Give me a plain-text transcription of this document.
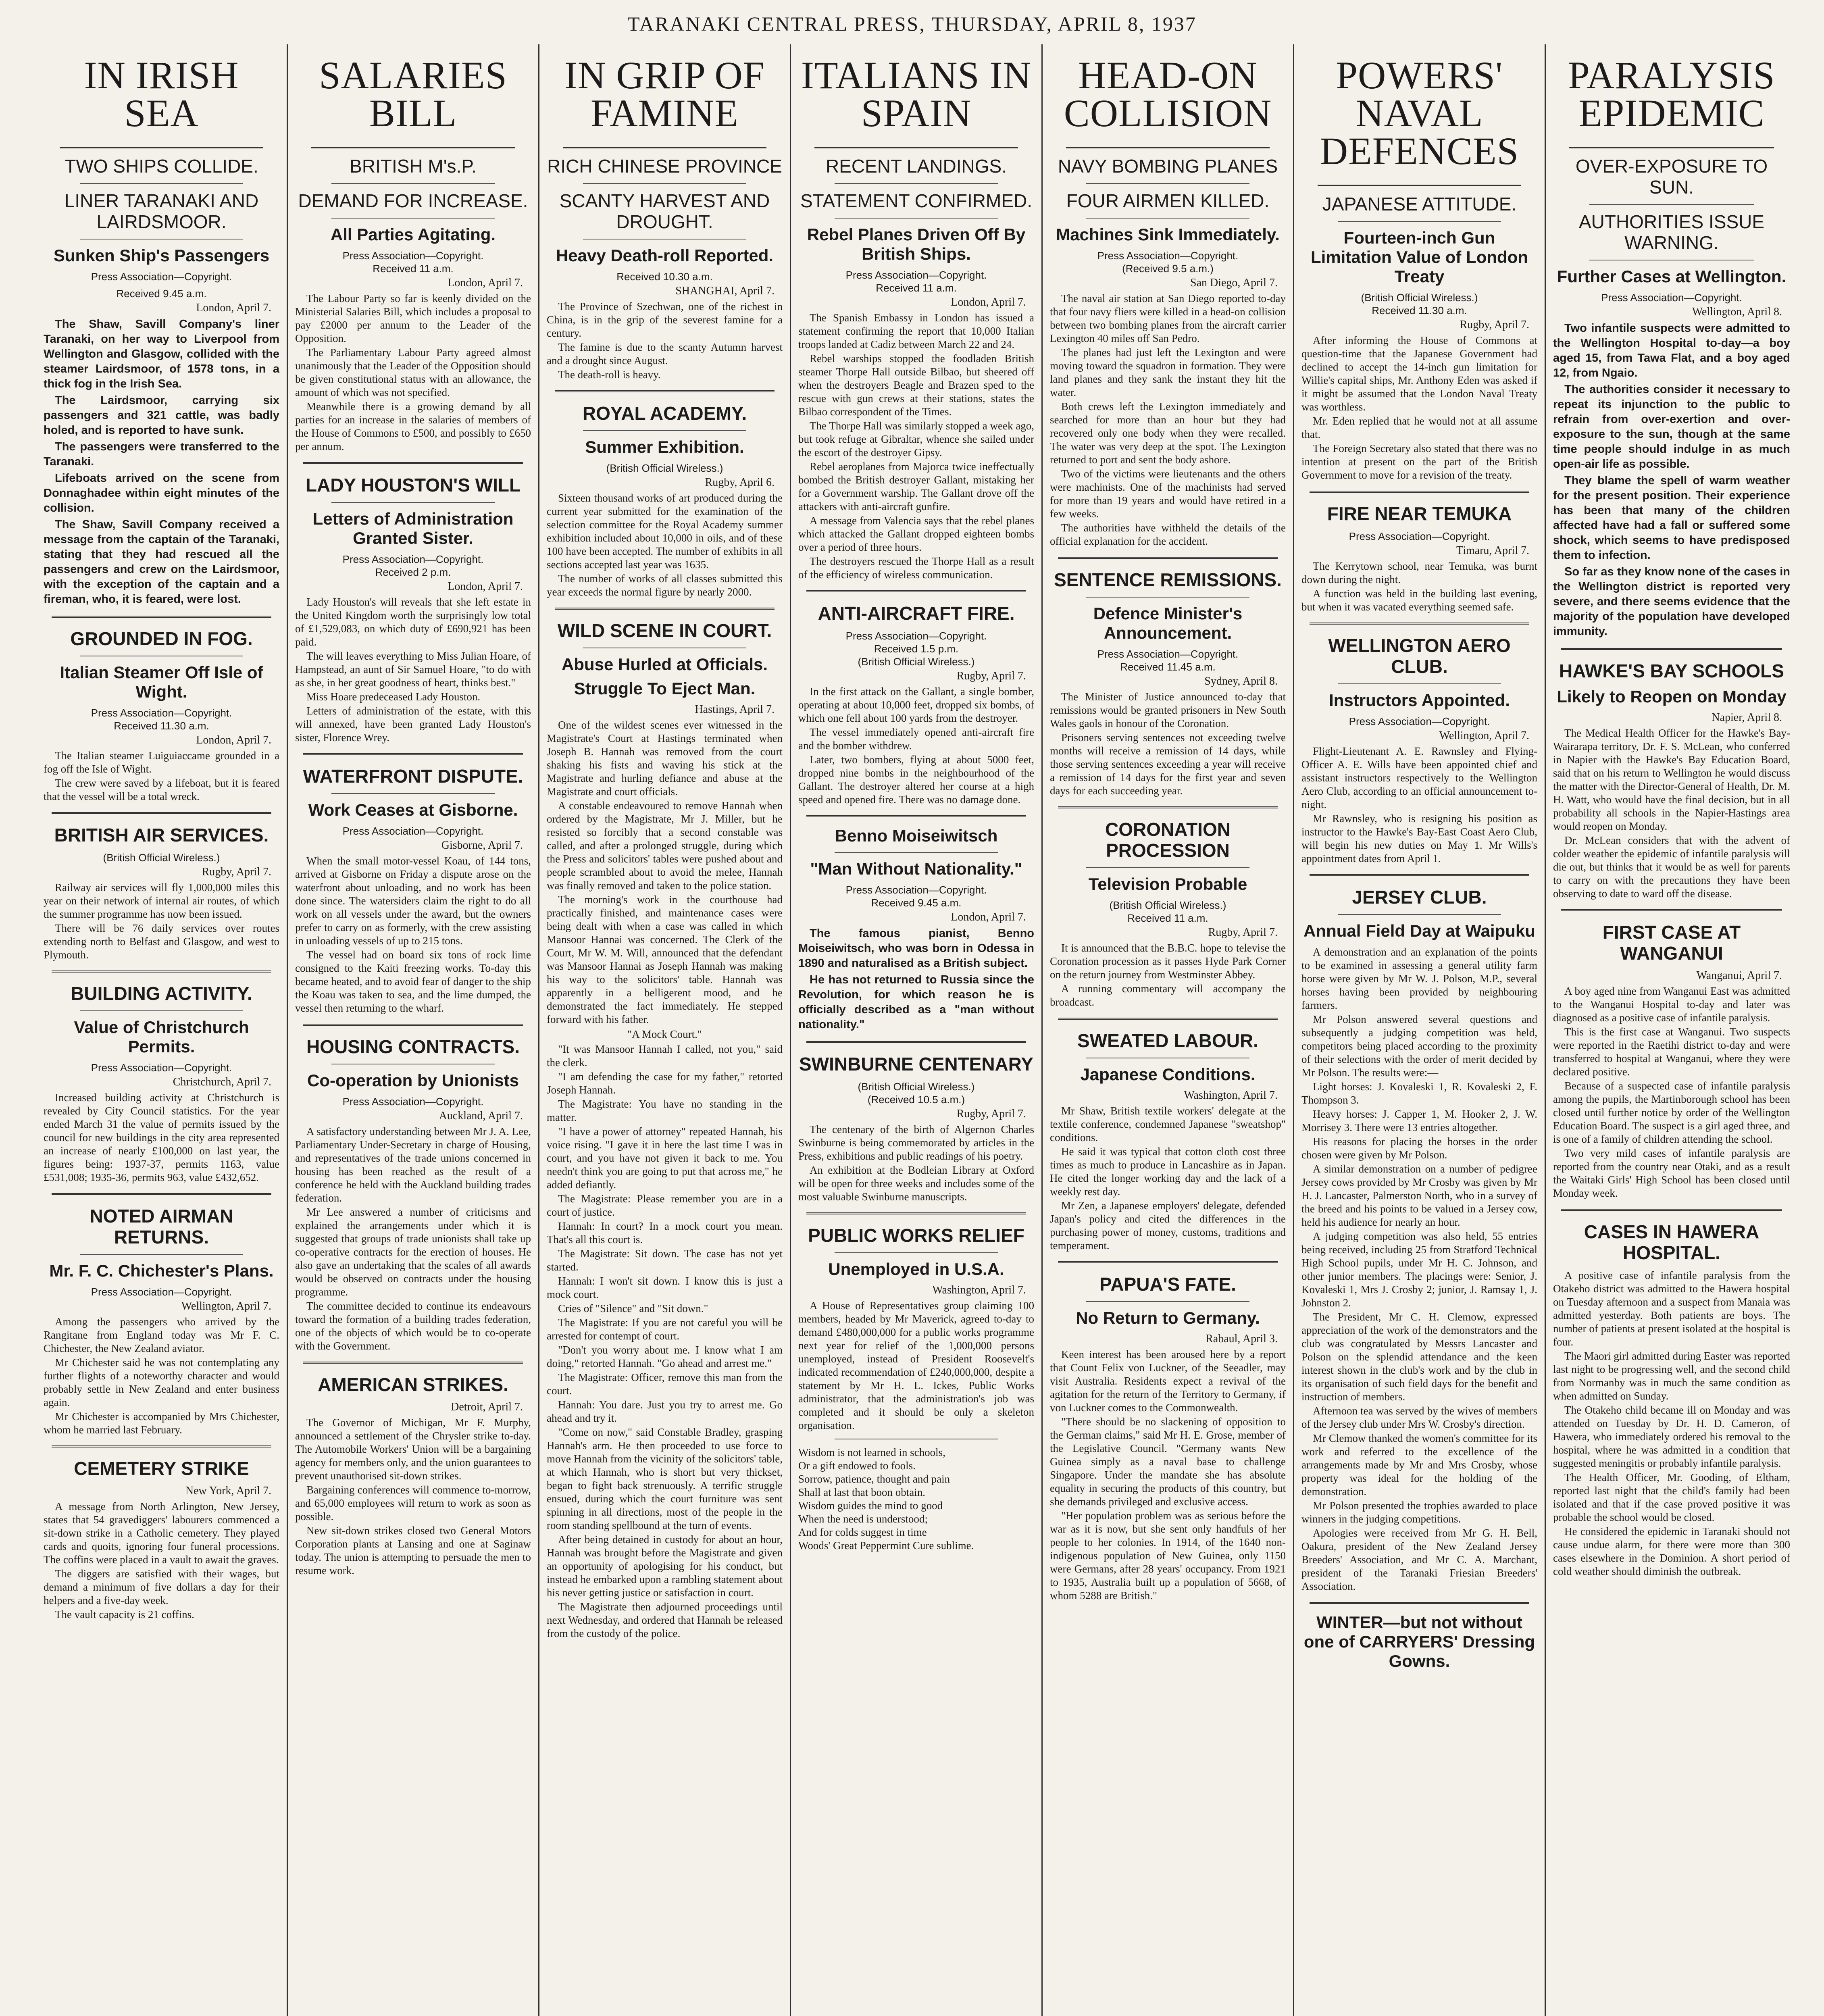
TARANAKI CENTRAL PRESS, THURSDAY, APRIL 8, 1937
IN IRISH
SEA
TWO SHIPS COLLIDE.
LINER TARANAKI AND LAIRDSMOOR.
Sunken Ship's Passengers
Press Association—Copyright.
Received 9.45 a.m.
London, April 7.

The Shaw, Savill Company's liner Taranaki, on her way to Liverpool from Wellington and Glasgow, collided with the steamer Lairdsmoor, of 1578 tons, in a thick fog in the Irish Sea.

The Lairdsmoor, carrying six passengers and 321 cattle, was badly holed, and is reported to have sunk.

The passengers were transferred to the Taranaki.

Lifeboats arrived on the scene from Donnaghadee within eight minutes of the collision.

The Shaw, Savill Company received a message from the captain of the Taranaki, stating that they had rescued all the passengers and crew on the Lairdsmoor, with the exception of the captain and a fireman, who, it is feared, were lost.

GROUNDED IN FOG.
Italian Steamer Off Isle of Wight.
Press Association—Copyright.
Received 11.30 a.m.
London, April 7.

The Italian steamer Luiguiaccame grounded in a fog off the Isle of Wight.

The crew were saved by a lifeboat, but it is feared that the vessel will be a total wreck.

BRITISH AIR SERVICES.
(British Official Wireless.)
Rugby, April 7.

Railway air services will fly 1,000,000 miles this year on their network of internal air routes, of which the summer programme has now been issued.

There will be 76 daily services over routes extending north to Belfast and Glasgow, and west to Plymouth.

BUILDING ACTIVITY.
Value of Christchurch Permits.
Press Association—Copyright.
Christchurch, April 7.

Increased building activity at Christchurch is revealed by City Council statistics. For the year ended March 31 the value of permits issued by the council for new buildings in the city area represented an increase of nearly £100,000 on last year, the figures being: 1937-37, permits 1163, value £531,008; 1935-36, permits 963, value £432,652.

NOTED AIRMAN RETURNS.
Mr. F. C. Chichester's Plans.
Press Association—Copyright.
Wellington, April 7.

Among the passengers who arrived by the Rangitane from England today was Mr F. C. Chichester, the New Zealand aviator.

Mr Chichester said he was not contemplating any further flights of a noteworthy character and would probably settle in New Zealand and enter business again.

Mr Chichester is accompanied by Mrs Chichester, whom he married last February.

CEMETERY STRIKE
New York, April 7.

A message from North Arlington, New Jersey, states that 54 gravediggers' labourers commenced a sit-down strike in a Catholic cemetery. They played cards and quoits, ignoring four funeral processions. The coffins were placed in a vault to await the graves.

The diggers are satisfied with their wages, but demand a minimum of five dollars a day for their helpers and a five-day week.

The vault capacity is 21 coffins.

SALARIES
BILL
BRITISH M's.P.
DEMAND FOR INCREASE.
All Parties Agitating.
Press Association—Copyright.
Received 11 a.m.
London, April 7.

The Labour Party so far is keenly divided on the Ministerial Salaries Bill, which includes a proposal to pay £2000 per annum to the Leader of the Opposition.

The Parliamentary Labour Party agreed almost unanimously that the Leader of the Opposition should be given constitutional status with an allowance, the amount of which was not specified.

Meanwhile there is a growing demand by all parties for an increase in the salaries of members of the House of Commons to £500, and possibly to £650 per annum.

LADY HOUSTON'S WILL
Letters of Administration Granted Sister.
Press Association—Copyright.
Received 2 p.m.
London, April 7.

Lady Houston's will reveals that she left estate in the United Kingdom worth the surprisingly low total of £1,529,083, on which duty of £690,921 has been paid.

The will leaves everything to Miss Julian Hoare, of Hampstead, an aunt of Sir Samuel Hoare, "to do with as she, in her great goodness of heart, thinks best."

Miss Hoare predeceased Lady Houston.

Letters of administration of the estate, with this will annexed, have been granted Lady Houston's sister, Florence Wrey.

WATERFRONT DISPUTE.
Work Ceases at Gisborne.
Press Association—Copyright.
Gisborne, April 7.

When the small motor-vessel Koau, of 144 tons, arrived at Gisborne on Friday a dispute arose on the waterfront about unloading, and no work has been done since. The watersiders claim the right to do all work on all vessels under the award, but the owners prefer to carry on as formerly, with the crew assisting in unloading vessels of up to 215 tons.

The vessel had on board six tons of rock lime consigned to the Kaiti freezing works. To-day this became heated, and to avoid fear of danger to the ship the Koau was taken to sea, and the lime dumped, the vessel then returning to the wharf.

HOUSING CONTRACTS.
Co-operation by Unionists
Press Association—Copyright.
Auckland, April 7.

A satisfactory understanding between Mr J. A. Lee, Parliamentary Under-Secretary in charge of Housing, and representatives of the trade unions concerned in housing has been reached as the result of a conference he held with the Auckland building trades federation.

Mr Lee answered a number of criticisms and explained the arrangements under which it is suggested that groups of trade unionists shall take up co-operative contracts for the erection of houses. He also gave an undertaking that the scales of all awards would be observed on contracts under the housing programme.

The committee decided to continue its endeavours toward the formation of a building trades federation, one of the objects of which would be to co-operate with the Government.

AMERICAN STRIKES.
Detroit, April 7.

The Governor of Michigan, Mr F. Murphy, announced a settlement of the Chrysler strike to-day. The Automobile Workers' Union will be a bargaining agency for members only, and the union guarantees to prevent unauthorised sit-down strikes.

Bargaining conferences will commence to-morrow, and 65,000 employees will return to work as soon as possible.

New sit-down strikes closed two General Motors Corporation plants at Lansing and one at Saginaw today. The union is attempting to persuade the men to resume work.

IN GRIP OF
FAMINE
RICH CHINESE PROVINCE
SCANTY HARVEST AND DROUGHT.
Heavy Death-roll Reported.
Received 10.30 a.m.
SHANGHAI, April 7.

The Province of Szechwan, one of the richest in China, is in the grip of the severest famine for a century.

The famine is due to the scanty Autumn harvest and a drought since August.

The death-roll is heavy.

ROYAL ACADEMY.
Summer Exhibition.
(British Official Wireless.)
Rugby, April 6.

Sixteen thousand works of art produced during the current year submitted for the examination of the selection committee for the Royal Academy summer exhibition included about 10,000 in oils, and of these 100 have been accepted. The number of exhibits in all sections accepted last year was 1635.

The number of works of all classes submitted this year exceeds the normal figure by nearly 2000.

WILD SCENE IN COURT.
Abuse Hurled at Officials.
Struggle To Eject Man.
Hastings, April 7.

One of the wildest scenes ever witnessed in the Magistrate's Court at Hastings terminated when Joseph B. Hannah was removed from the court shaking his fists and waving his stick at the Magistrate and hurling defiance and abuse at the Magistrate and court officials.

A constable endeavoured to remove Hannah when ordered by the Magistrate, Mr J. Miller, but he resisted so forcibly that a second constable was called, and after a prolonged struggle, during which the Press and solicitors' tables were pushed about and people scrambled about to avoid the melee, Hannah was finally removed and taken to the police station.

The morning's work in the courthouse had practically finished, and maintenance cases were being dealt with when a case was called in which Mansoor Hannai was concerned. The Clerk of the Court, Mr W. M. Will, announced that the defendant was Mansoor Hannai as Joseph Hannah was making his way to the solicitors' table. Hannah was apparently in a belligerent mood, and he demonstrated the fact immediately. He stepped forward with his father.

"A Mock Court."

"It was Mansoor Hannah I called, not you," said the clerk.

"I am defending the case for my father," retorted Joseph Hannah.

The Magistrate: You have no standing in the matter.

"I have a power of attorney" repeated Hannah, his voice rising. "I gave it in here the last time I was in court, and you have not given it back to me. You needn't think you are going to put that across me," he added defiantly.

The Magistrate: Please remember you are in a court of justice.

Hannah: In court? In a mock court you mean. That's all this court is.

The Magistrate: Sit down. The case has not yet started.

Hannah: I won't sit down. I know this is just a mock court.

Cries of "Silence" and "Sit down."

The Magistrate: If you are not careful you will be arrested for contempt of court.

"Don't you worry about me. I know what I am doing," retorted Hannah. "Go ahead and arrest me."

The Magistrate: Officer, remove this man from the court.

Hannah: You dare. Just you try to arrest me. Go ahead and try it.

"Come on now," said Constable Bradley, grasping Hannah's arm. He then proceeded to use force to move Hannah from the vicinity of the solicitors' table, at which Hannah, who is short but very thickset, began to fight back strenuously. A terrific struggle ensued, during which the court furniture was sent spinning in all directions, most of the people in the room standing spellbound at the turn of events.

After being detained in custody for about an hour, Hannah was brought before the Magistrate and given an opportunity of apologising for his conduct, but instead he embarked upon a rambling statement about his never getting justice or satisfaction in court.

The Magistrate then adjourned proceedings until next Wednesday, and ordered that Hannah be released from the custody of the police.

ITALIANS IN
SPAIN
RECENT LANDINGS.
STATEMENT CONFIRMED.
Rebel Planes Driven Off By British Ships.
Press Association—Copyright.
Received 11 a.m.
London, April 7.

The Spanish Embassy in London has issued a statement confirming the report that 10,000 Italian troops landed at Cadiz between March 22 and 24.

Rebel warships stopped the foodladen British steamer Thorpe Hall outside Bilbao, but sheered off when the destroyers Beagle and Brazen sped to the rescue with gun crews at their stations, states the Bilbao correspondent of the Times.

The Thorpe Hall was similarly stopped a week ago, but took refuge at Gibraltar, whence she sailed under the escort of the destroyer Gipsy.

Rebel aeroplanes from Majorca twice ineffectually bombed the British destroyer Gallant, mistaking her for a Government warship. The Gallant drove off the attackers with anti-aircraft gunfire.

A message from Valencia says that the rebel planes which attacked the Gallant dropped eighteen bombs over a period of three hours.

The destroyers rescued the Thorpe Hall as a result of the efficiency of wireless communication.

ANTI-AIRCRAFT FIRE.
Press Association—Copyright.
Received 1.5 p.m.
(British Official Wireless.)
Rugby, April 7.

In the first attack on the Gallant, a single bomber, operating at about 10,000 feet, dropped six bombs, of which one fell about 100 yards from the destroyer.

The vessel immediately opened anti-aircraft fire and the bomber withdrew.

Later, two bombers, flying at about 5000 feet, dropped nine bombs in the neighbourhood of the Gallant. The destroyer altered her course at a high speed and opened fire. There was no damage done.

Benno Moiseiwitsch
"Man Without Nationality."
Press Association—Copyright.
Received 9.45 a.m.
London, April 7.

The famous pianist, Benno Moiseiwitsch, who was born in Odessa in 1890 and naturalised as a British subject.

He has not returned to Russia since the Revolution, for which reason he is officially described as a "man without nationality."

SWINBURNE CENTENARY
(British Official Wireless.)
(Received 10.5 a.m.)
Rugby, April 7.

The centenary of the birth of Algernon Charles Swinburne is being commemorated by articles in the Press, exhibitions and public readings of his poetry.

An exhibition at the Bodleian Library at Oxford will be open for three weeks and includes some of the most valuable Swinburne manuscripts.

PUBLIC WORKS RELIEF
Unemployed in U.S.A.
Washington, April 7.

A House of Representatives group claiming 100 members, headed by Mr Maverick, agreed to-day to demand £480,000,000 for a public works programme next year for relief of the 1,000,000 persons unemployed, instead of President Roosevelt's indicated recommendation of £240,000,000, despite a statement by Mr H. L. Ickes, Public Works administrator, that the administration's job was completed and it should be only a skeleton organisation.

Wisdom is not learned in schools,
Or a gift endowed to fools.
Sorrow, patience, thought and pain
Shall at last that boon obtain.
Wisdom guides the mind to good
When the need is understood;
And for colds suggest in time
Woods' Great Peppermint Cure sublime.

HEAD-ON
COLLISION
NAVY BOMBING PLANES
FOUR AIRMEN KILLED.
Machines Sink Immediately.
Press Association—Copyright.
(Received 9.5 a.m.)
San Diego, April 7.

The naval air station at San Diego reported to-day that four navy fliers were killed in a head-on collision between two bombing planes from the aircraft carrier Lexington 40 miles off San Pedro.

The planes had just left the Lexington and were moving toward the squadron in formation. They were land planes and they sank the instant they hit the water.

Both crews left the Lexington immediately and searched for more than an hour but they had recovered only one body when they were recalled. The water was very deep at the spot. The Lexington returned to port and sent the body ashore.

Two of the victims were lieutenants and the others were machinists. One of the machinists had served for more than 19 years and would have retired in a few weeks.

The authorities have withheld the details of the official explanation for the accident.

SENTENCE REMISSIONS.
Defence Minister's Announcement.
Press Association—Copyright.
Received 11.45 a.m.
Sydney, April 8.

The Minister of Justice announced to-day that remissions would be granted prisoners in New South Wales gaols in honour of the Coronation.

Prisoners serving sentences not exceeding twelve months will receive a remission of 14 days, while those serving sentences exceeding a year will receive a remission of 14 days for the first year and seven days for each succeeding year.

CORONATION PROCESSION
Television Probable
(British Official Wireless.)
Received 11 a.m.
Rugby, April 7.

It is announced that the B.B.C. hope to televise the Coronation procession as it passes Hyde Park Corner on the return journey from Westminster Abbey.

A running commentary will accompany the broadcast.

SWEATED LABOUR.
Japanese Conditions.
Washington, April 7.

Mr Shaw, British textile workers' delegate at the textile conference, condemned Japanese "sweatshop" conditions.

He said it was typical that cotton cloth cost three times as much to produce in Lancashire as in Japan. He cited the longer working day and the lack of a weekly rest day.

Mr Zen, a Japanese employers' delegate, defended Japan's policy and cited the differences in the purchasing power of money, customs, traditions and temperament.

PAPUA'S FATE.
No Return to Germany.
Rabaul, April 3.

Keen interest has been aroused here by a report that Count Felix von Luckner, of the Seeadler, may visit Australia. Residents expect a revival of the agitation for the return of the Territory to Germany, if von Luckner comes to the Commonwealth.

"There should be no slackening of opposition to the German claims," said Mr H. E. Grose, member of the Legislative Council. "Germany wants New Guinea simply as a naval base to challenge Singapore. Under the mandate she has absolute equality in securing the products of this country, but she demands privileged and exclusive access.

"Her population problem was as serious before the war as it is now, but she sent only handfuls of her people to her colonies. In 1914, of the 1640 non-indigenous population of New Guinea, only 1150 were Germans, after 28 years' occupancy. From 1921 to 1935, Australia built up a population of 5668, of whom 5288 are British."

POWERS' NAVAL
DEFENCES
JAPANESE ATTITUDE.
Fourteen-inch Gun Limitation Value of London Treaty
(British Official Wireless.)
Received 11.30 a.m.
Rugby, April 7.

After informing the House of Commons at question-time that the Japanese Government had declined to accept the 14-inch gun limitation for Willie's capital ships, Mr. Anthony Eden was asked if it might be assumed that the London Naval Treaty was worthless.

Mr. Eden replied that he would not at all assume that.

The Foreign Secretary also stated that there was no intention at present on the part of the British Government to move for a revision of the treaty.

FIRE NEAR TEMUKA
Press Association—Copyright.
Timaru, April 7.

The Kerrytown school, near Temuka, was burnt down during the night.

A function was held in the building last evening, but when it was vacated everything seemed safe.

WELLINGTON AERO CLUB.
Instructors Appointed.
Press Association—Copyright.
Wellington, April 7.

Flight-Lieutenant A. E. Rawnsley and Flying-Officer A. E. Wills have been appointed chief and assistant instructors respectively to the Wellington Aero Club, according to an official announcement to-night.

Mr Rawnsley, who is resigning his position as instructor to the Hawke's Bay-East Coast Aero Club, will begin his new duties on May 1. Mr Wills's appointment dates from April 1.

JERSEY CLUB.
Annual Field Day at Waipuku

A demonstration and an explanation of the points to be examined in assessing a general utility farm horse were given by Mr W. J. Polson, M.P., several horses having been provided by neighbouring farmers.

Mr Polson answered several questions and subsequently a judging competition was held, competitors being placed according to the proximity of their selections with the order of merit decided by Mr Polson. The results were:—

Light horses: J. Kovaleski 1, R. Kovaleski 2, F. Thompson 3.

Heavy horses: J. Capper 1, M. Hooker 2, J. W. Morrisey 3. There were 13 entries altogether.

His reasons for placing the horses in the order chosen were given by Mr Polson.

A similar demonstration on a number of pedigree Jersey cows provided by Mr Crosby was given by Mr H. J. Lancaster, Palmerston North, who in a survey of the breed and his points to be valued in a Jersey cow, held his audience for nearly an hour.

A judging competition was also held, 55 entries being received, including 25 from Stratford Technical High School pupils, under Mr H. C. Johnson, and other junior members. The placings were: Senior, J. Kovaleski 1, Mrs J. Crosby 2; junior, J. Ramsay 1, J. Johnston 2.

The President, Mr C. H. Clemow, expressed appreciation of the work of the demonstrators and the club was congratulated by Messrs Lancaster and Polson on the splendid attendance and the keen interest shown in the club's work and by the club in its organisation of such field days for the benefit and instruction of members.

Afternoon tea was served by the wives of members of the Jersey club under Mrs W. Crosby's direction.

Mr Clemow thanked the women's committee for its work and referred to the excellence of the arrangements made by Mr and Mrs Crosby, whose property was ideal for the holding of the demonstration.

Mr Polson presented the trophies awarded to place winners in the judging competitions.

Apologies were received from Mr G. H. Bell, Oakura, president of the New Zealand Jersey Breeders' Association, and Mr C. A. Marchant, president of the Taranaki Friesian Breeders' Association.

WINTER—but not without one of CARRYERS' Dressing Gowns.
PARALYSIS
EPIDEMIC
OVER-EXPOSURE TO SUN.
AUTHORITIES ISSUE WARNING.
Further Cases at Wellington.
Press Association—Copyright.
Wellington, April 8.

Two infantile suspects were admitted to the Wellington Hospital to-day—a boy aged 15, from Tawa Flat, and a boy aged 12, from Ngaio.

The authorities consider it necessary to repeat its injunction to the public to refrain from over-exertion and over-exposure to the sun, though at the same time people should indulge in as much open-air life as possible.

They blame the spell of warm weather for the present position. Their experience has been that many of the children affected have had a fall or suffered some shock, which seems to have predisposed them to infection.

So far as they know none of the cases in the Wellington district is reported very severe, and there seems evidence that the majority of the population have developed immunity.

HAWKE'S BAY SCHOOLS
Likely to Reopen on Monday
Napier, April 8.

The Medical Health Officer for the Hawke's Bay-Wairarapa territory, Dr. F. S. McLean, who conferred in Napier with the Hawke's Bay Education Board, said that on his return to Wellington he would discuss the matter with the Director-General of Health, Dr. M. H. Watt, who would have the final decision, but in all probability all schools in the Napier-Hastings area would reopen on Monday.

Dr. McLean considers that with the advent of colder weather the epidemic of infantile paralysis will die out, but thinks that it would be as well for parents to carry on with the precautions they have been observing to date to ward off the disease.

FIRST CASE AT WANGANUI
Wanganui, April 7.

A boy aged nine from Wanganui East was admitted to the Wanganui Hospital to-day and later was diagnosed as a positive case of infantile paralysis.

This is the first case at Wanganui. Two suspects were reported in the Raetihi district to-day and were transferred to hospital at Wanganui, where they were declared positive.

Because of a suspected case of infantile paralysis among the pupils, the Martinborough school has been closed until further notice by order of the Wellington Education Board. The suspect is a girl aged three, and is one of a family of children attending the school.

Two very mild cases of infantile paralysis are reported from the country near Otaki, and as a result the Waitaki Girls' High School has been closed until Monday week.

CASES IN HAWERA HOSPITAL.

A positive case of infantile paralysis from the Otakeho district was admitted to the Hawera hospital on Tuesday afternoon and a suspect from Manaia was admitted yesterday. Both patients are boys. The number of patients at present isolated at the hospital is four.

The Maori girl admitted during Easter was reported last night to be progressing well, and the second child from Normanby was in much the same condition as when admitted on Sunday.

The Otakeho child became ill on Monday and was attended on Tuesday by Dr. H. D. Cameron, of Hawera, who immediately ordered his removal to the hospital, where he was admitted in a condition that suggested meningitis or probably infantile paralysis.

The Health Officer, Mr. Gooding, of Eltham, reported last night that the child's family had been isolated and that if the case proved positive it was probable the school would be closed.

He considered the epidemic in Taranaki should not cause undue alarm, for there were more than 300 cases elsewhere in the Dominion. A short period of cold weather should diminish the outbreak.
